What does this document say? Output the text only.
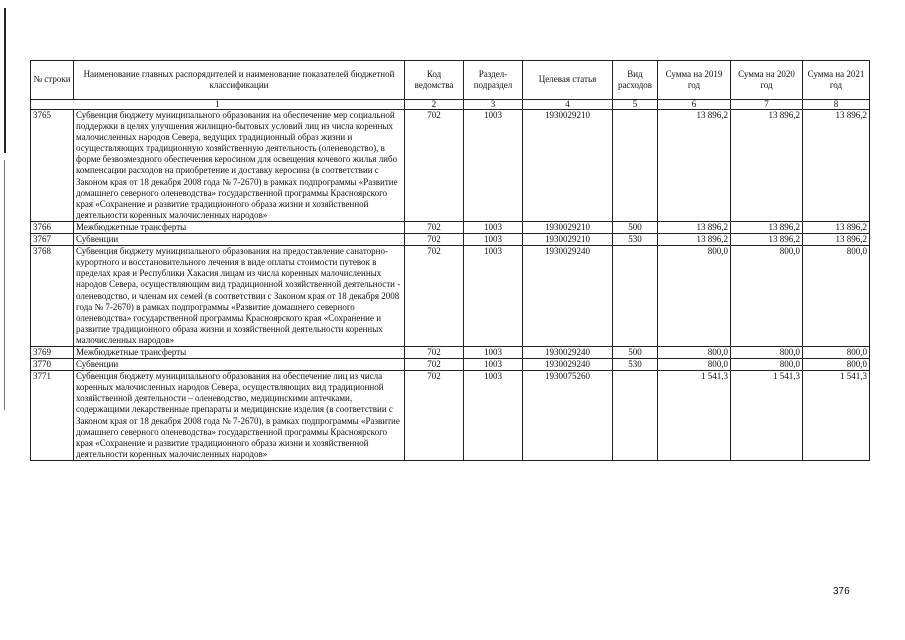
№ строки	Наименование главных распорядителей и наименование показателей бюджетной классификации	Код ведомства	Раздел-подраздел	Целевая статья	Вид расходов	Сумма на 2019 год	Сумма на 2020 год	Сумма на 2021 год
1		2	3	4	5	6	7	8
3765	Субвенция бюджету муниципального образования на обеспечение мер социальной поддержки в целях улучшения жилищно-бытовых условий лиц из числа коренных малочисленных народов Севера, ведущих традиционный образ жизни и осуществляющих традиционную хозяйственную деятельность (оленеводство), в форме безвозмездного обеспечения керосином для освещения кочевого жилья либо компенсации расходов на приобретение и доставку керосина (в соответствии с Законом края от 18 декабря 2008 года № 7-2670) в рамках подпрограммы «Развитие домашнего северного оленеводства» государственной программы Красноярского края «Сохранение и развитие традиционного образа жизни и хозяйственной деятельности коренных малочисленных народов»	702	1003	1930029210		13 896,2	13 896,2	13 896,2
3766	Межбюджетные трансферты	702	1003	1930029210	500	13 896,2	13 896,2	13 896,2
3767	Субвенции	702	1003	1930029210	530	13 896,2	13 896,2	13 896,2
3768	Субвенция бюджету муниципального образования на предоставление санаторно-курортного и восстановительного лечения в виде оплаты стоимости путевок в пределах края и Республики Хакасия лицам из числа коренных малочисленных народов Севера, осуществляющим вид традиционной хозяйственной деятельности - оленеводство, и членам их семей (в соответствии с Законом края от 18 декабря 2008 года № 7-2670) в рамках подпрограммы «Развитие домашнего северного оленеводства» государственной программы Красноярского края «Сохранение и развитие традиционного образа жизни и хозяйственной деятельности коренных малочисленных народов»	702	1003	1930029240		800,0	800,0	800,0
3769	Межбюджетные трансферты	702	1003	1930029240	500	800,0	800,0	800,0
3770	Субвенции	702	1003	1930029240	530	800,0	800,0	800,0
3771	Субвенция бюджету муниципального образования на обеспечение лиц из числа коренных малочисленных народов Севера, осуществляющих вид традиционной хозяйственной деятельности – оленеводство, медицинскими аптечками, содержащими лекарственные препараты и медицинские изделия (в соответствии с Законом края от 18 декабря 2008 года № 7-2670), в рамках подпрограммы «Развитие домашнего северного оленеводства» государственной программы Красноярского края «Сохранение и развитие традиционного образа жизни и хозяйственной деятельности коренных малочисленных народов»	702	1003	1930075260		1 541,3	1 541,3	1 541,3
376
